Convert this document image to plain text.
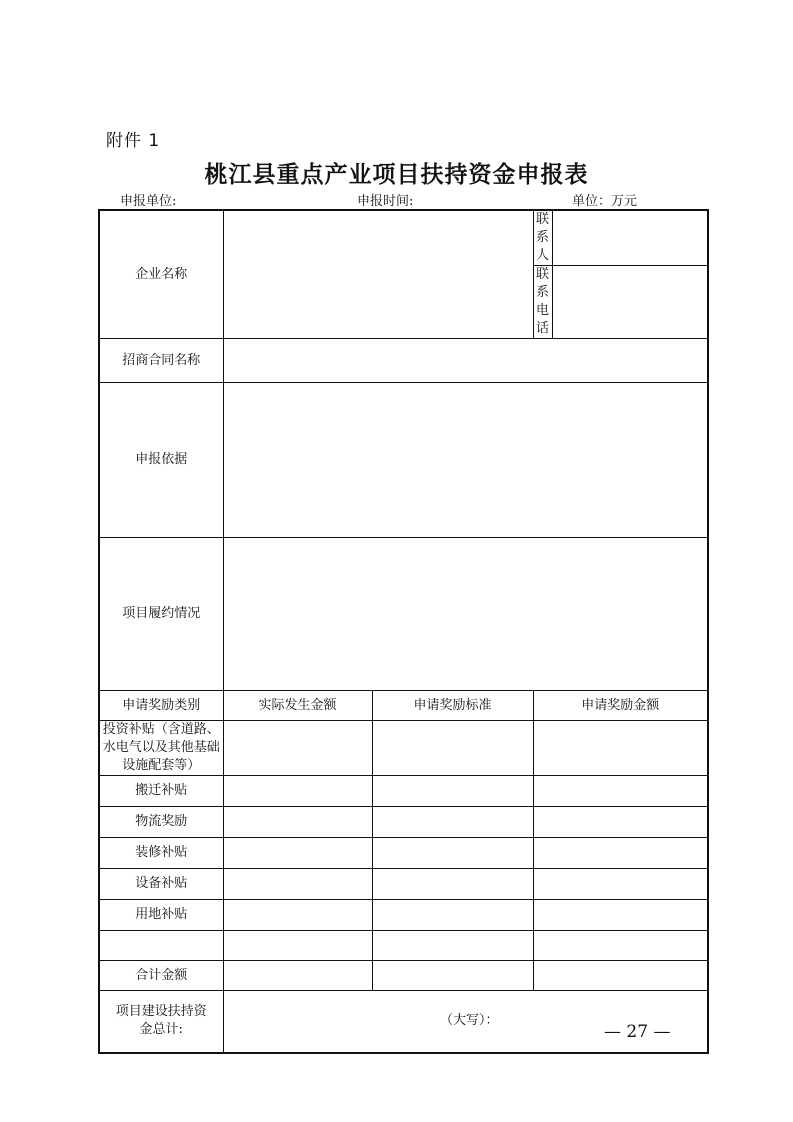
附件 1
桃江县重点产业项目扶持资金申报表
申报单位:	申报时间:	单位：万元
企业名称			联系人	
			联系电话	
招商合同名称				
申报依据				
项目履约情况				
申请奖励类别	实际发生金额	申请奖励标准	申请奖励金额	
投资补贴（含道路、水电气以及其他基础设施配套等）				
搬迁补贴				
物流奖励				
装修补贴				
设备补贴				
用地补贴				

合计金额				
项目建设扶持资金总计:	（大写）：			
— 27 —
